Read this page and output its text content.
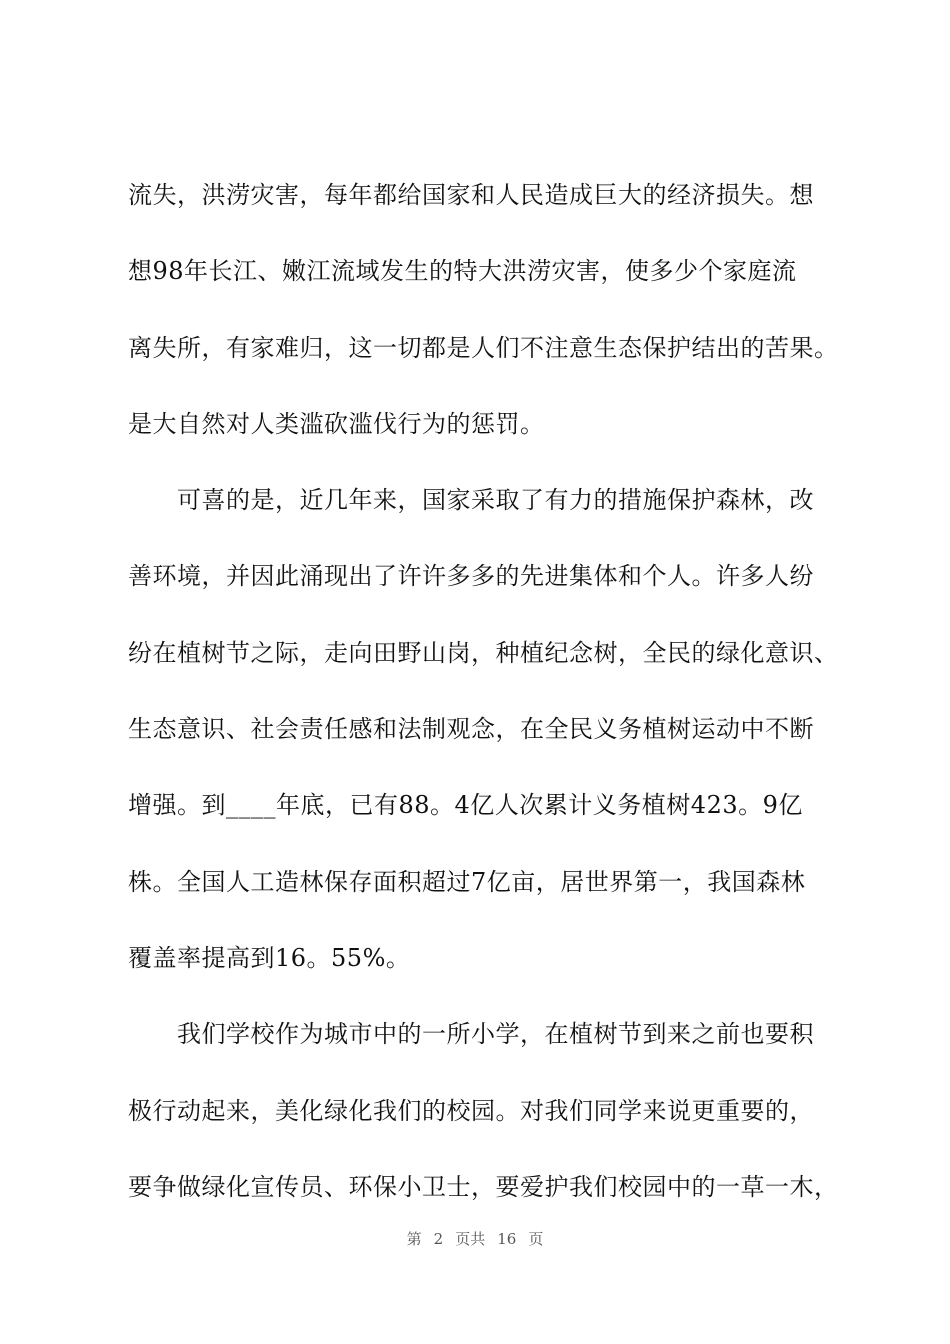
流失，洪涝灾害，每年都给国家和人民造成巨大的经济损失。想
想98年长江、嫩江流域发生的特大洪涝灾害，使多少个家庭流
离失所，有家难归，这一切都是人们不注意生态保护结出的苦果。
是大自然对人类滥砍滥伐行为的惩罚。
　　可喜的是，近几年来，国家采取了有力的措施保护森林，改
善环境，并因此涌现出了许许多多的先进集体和个人。许多人纷
纷在植树节之际，走向田野山岗，种植纪念树，全民的绿化意识、
生态意识、社会责任感和法制观念，在全民义务植树运动中不断
增强。到____年底，已有88。4亿人次累计义务植树423。9亿
株。全国人工造林保存面积超过7亿亩，居世界第一，我国森林
覆盖率提高到16。55%。
　　我们学校作为城市中的一所小学，在植树节到来之前也要积
极行动起来，美化绿化我们的校园。对我们同学来说更重要的，
要争做绿化宣传员、环保小卫士，要爱护我们校园中的一草一木，
第 2 页共 16 页
